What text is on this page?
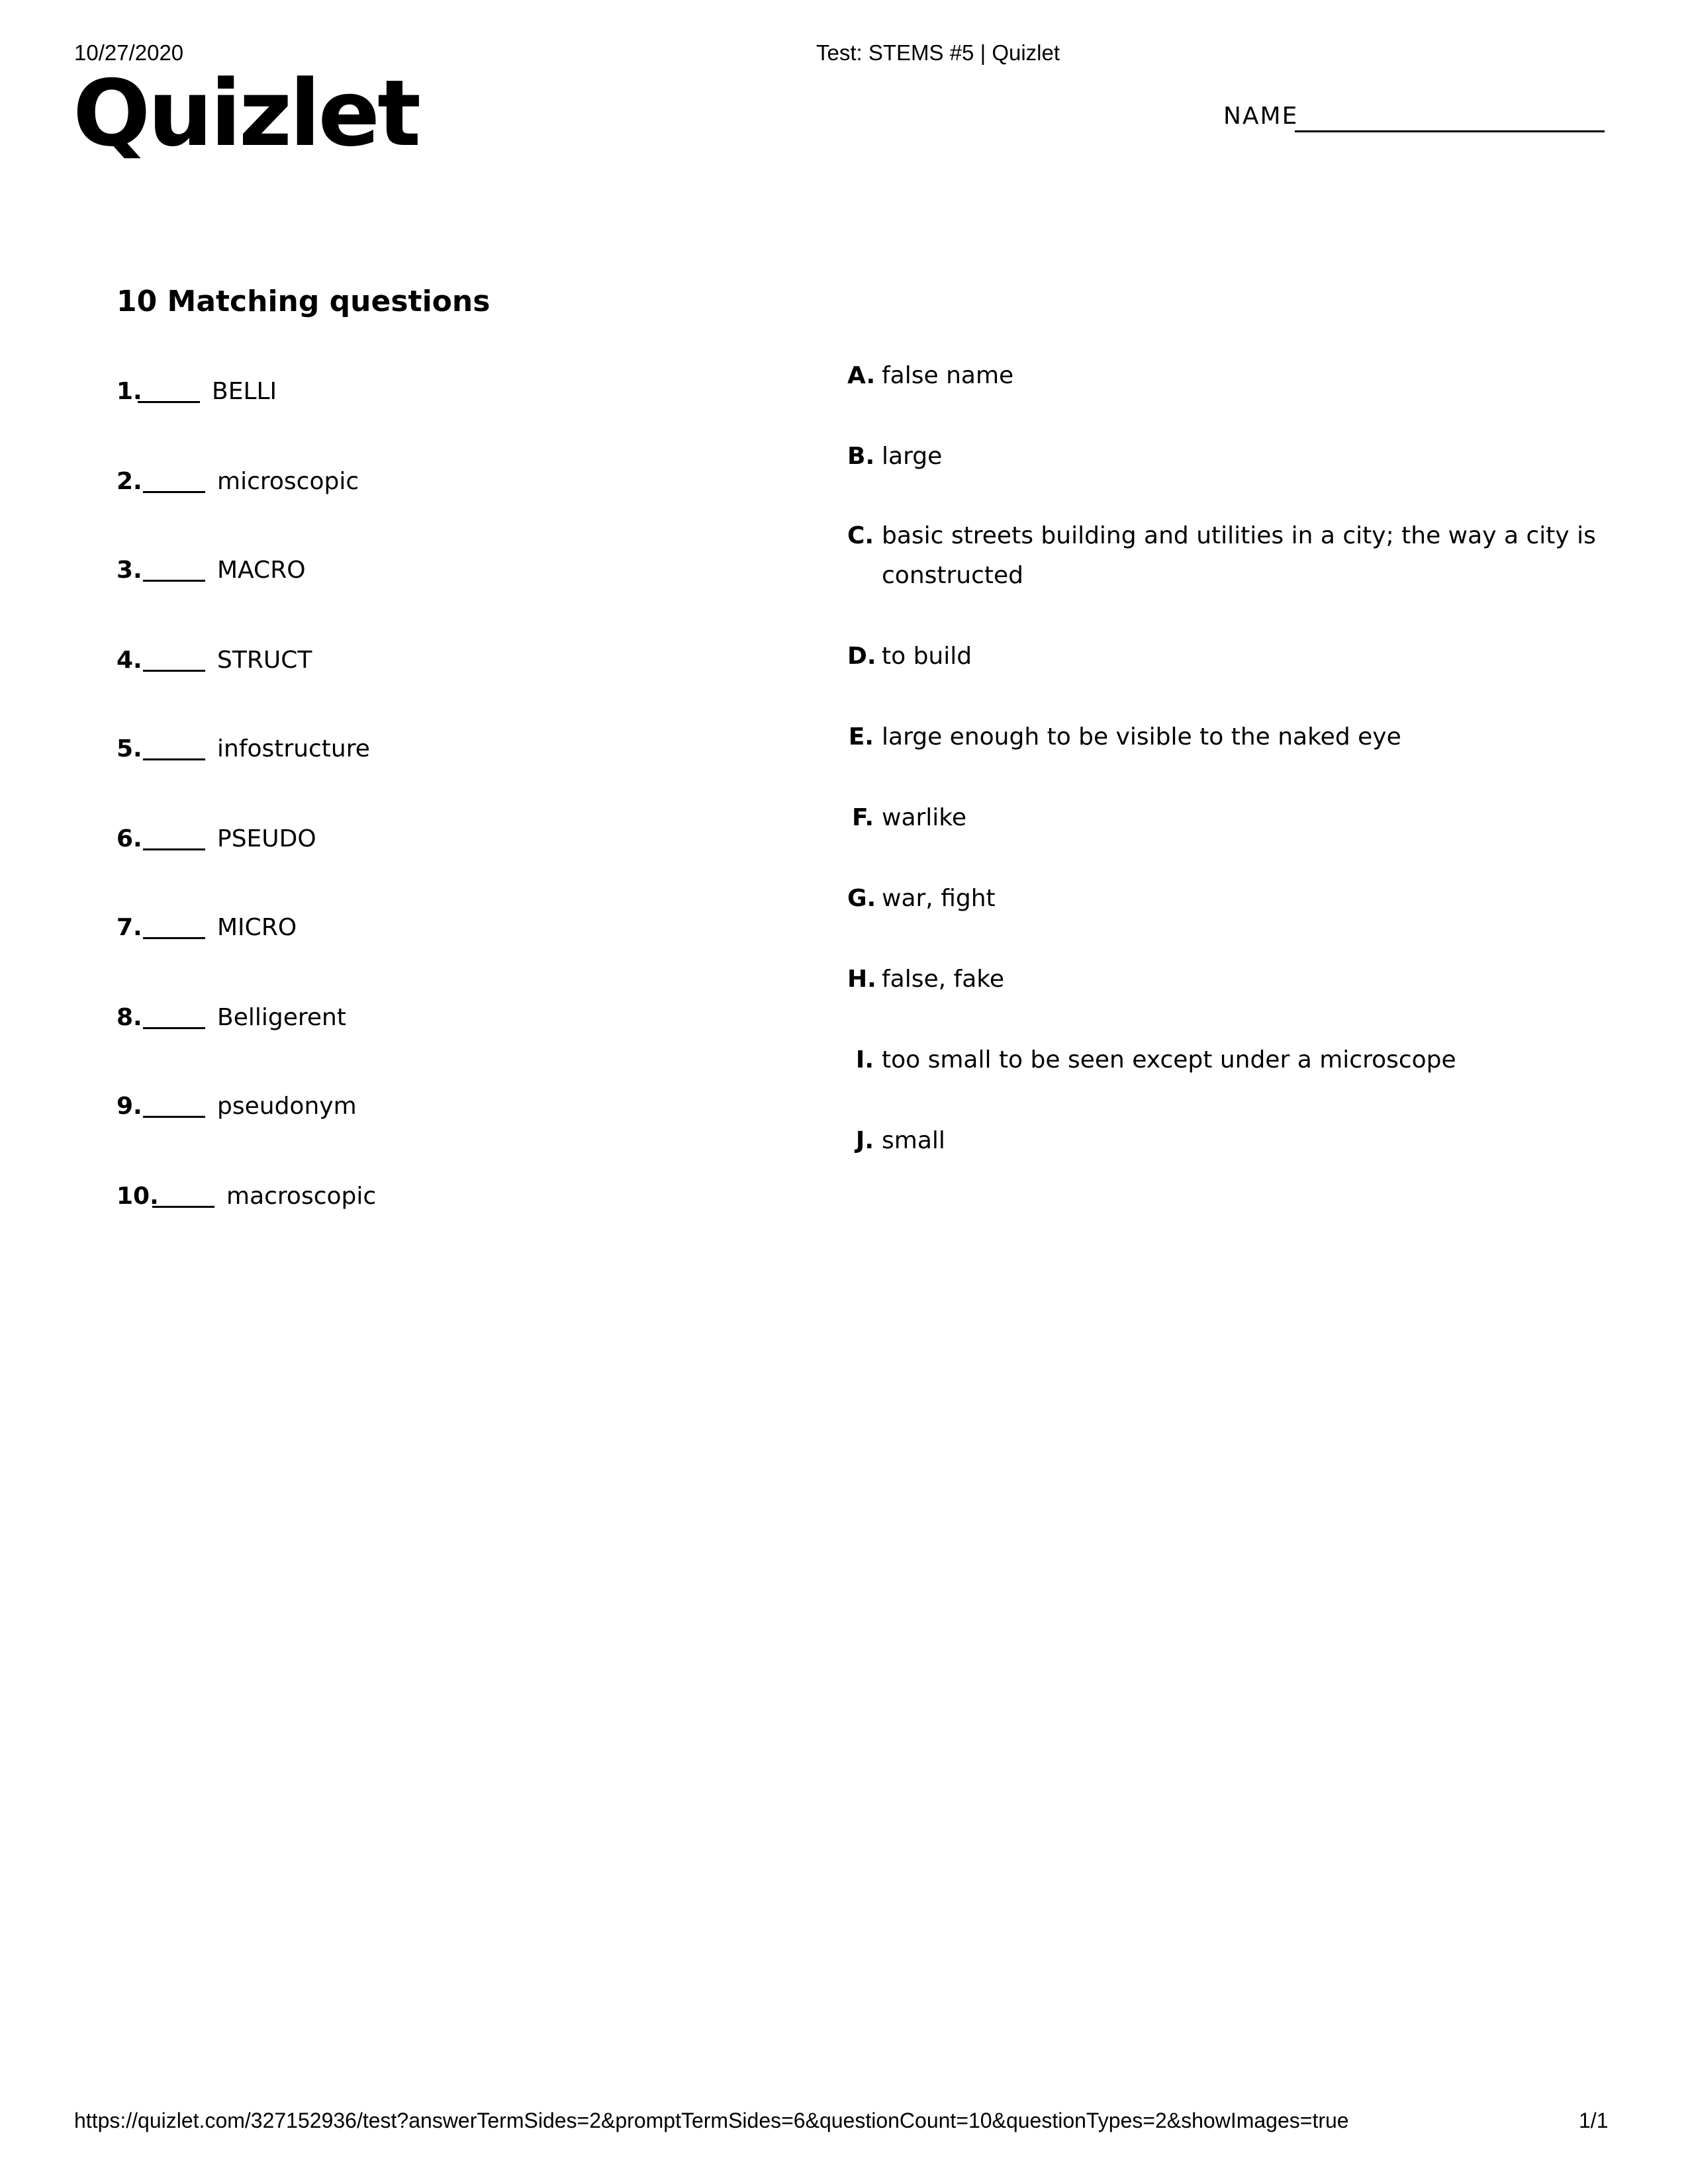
10/27/2020	Test: STEMS #5 | Quizlet
Quizlet	NAME
10 Matching questions
1.	BELLI
2.	microscopic
3.	MACRO
4.	STRUCT
5.	infostructure
6.	PSEUDO
7.	MICRO
8.	Belligerent
9.	pseudonym
10.	macroscopic
A. false name
B. large
C. basic streets building and utilities in a city; the way a city is constructed
D. to build
E. large enough to be visible to the naked eye
F. warlike
G. war, fight
H. false, fake
I. too small to be seen except under a microscope
J. small
https://quizlet.com/327152936/test?answerTermSides=2&promptTermSides=6&questionCount=10&questionTypes=2&showImages=true	1/1
